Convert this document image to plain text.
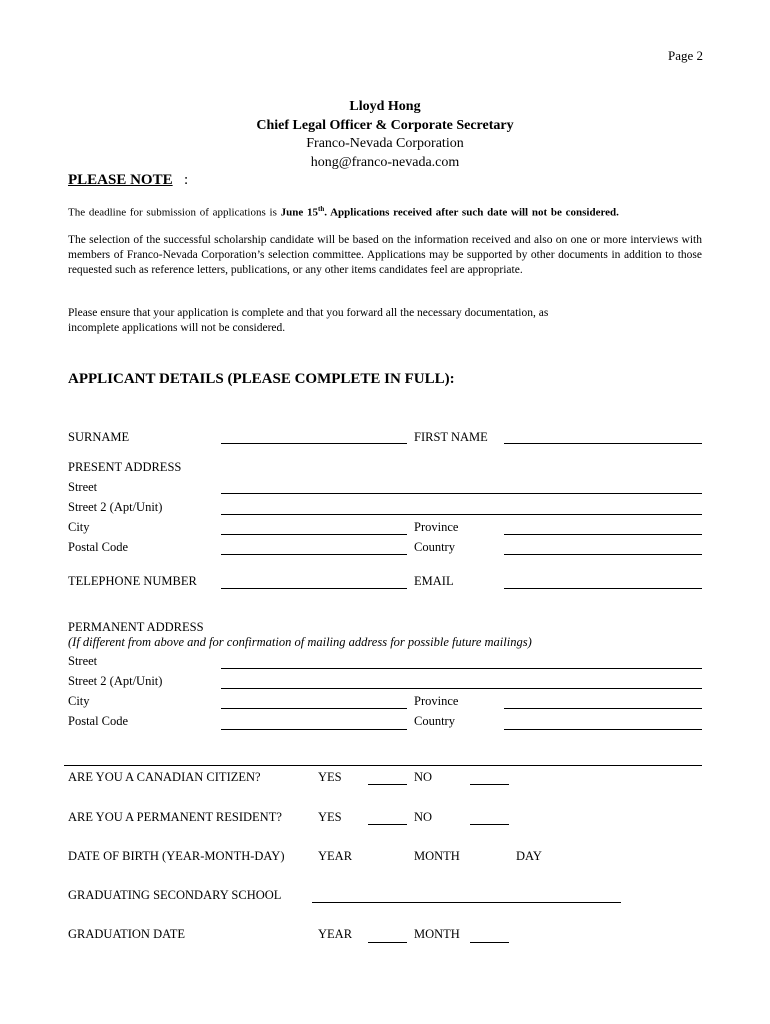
Page 2
Lloyd Hong
Chief Legal Officer & Corporate Secretary
Franco-Nevada Corporation
hong@franco-nevada.com
PLEASE NOTE :
The deadline for submission of applications is June 15th. Applications received after such date will not be considered.
The selection of the successful scholarship candidate will be based on the information received and also on one or more interviews with members of Franco-Nevada Corporation’s selection committee. Applications may be supported by other documents in addition to those requested such as reference letters, publications, or any other items candidates feel are appropriate.
Please ensure that your application is complete and that you forward all the necessary documentation, as
incomplete applications will not be considered.
APPLICANT DETAILS (PLEASE COMPLETE IN FULL):
SURNAME	FIRST NAME
PRESENT ADDRESS
Street
Street 2 (Apt/Unit)
City	Province
Postal Code	Country
TELEPHONE NUMBER	EMAIL
PERMANENT ADDRESS
(If different from above and for confirmation of mailing address for possible future mailings)
Street
Street 2 (Apt/Unit)
City	Province
Postal Code	Country
ARE YOU A CANADIAN CITIZEN?	YES	NO
ARE YOU A PERMANENT RESIDENT?	YES	NO
DATE OF BIRTH (YEAR-MONTH-DAY)	YEAR	MONTH	DAY
GRADUATING SECONDARY SCHOOL
GRADUATION DATE	YEAR	MONTH
